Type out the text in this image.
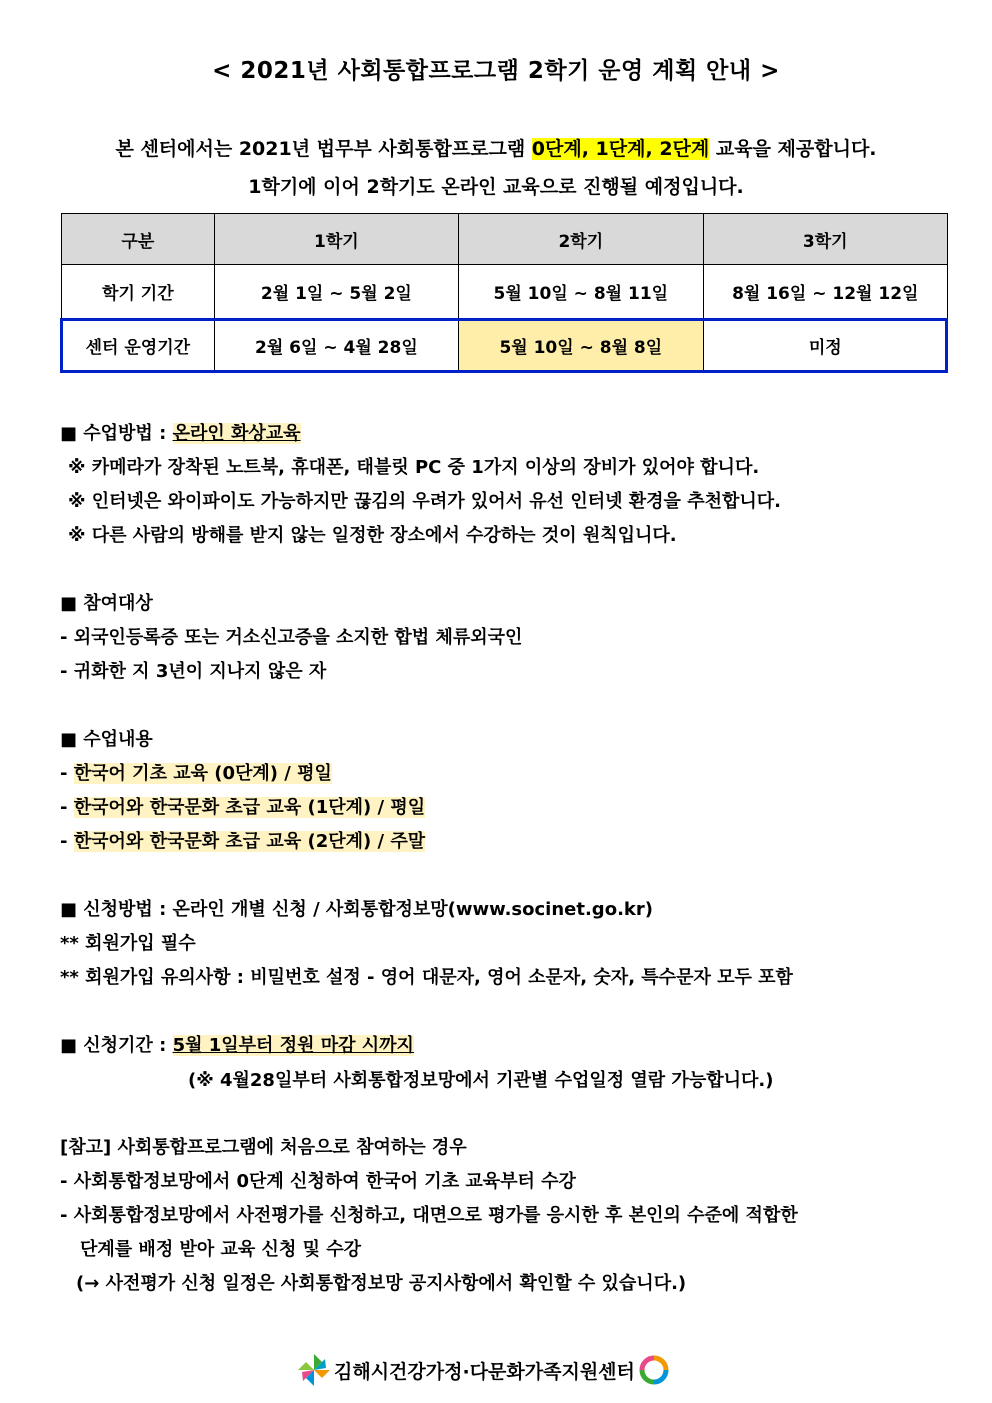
< 2021년 사회통합프로그램 2학기 운영 계획 안내 >
본 센터에서는 2021년 법무부 사회통합프로그램 0단계, 1단계, 2단계 교육을 제공합니다.
1학기에 이어 2학기도 온라인 교육으로 진행될 예정입니다.
구분	1학기	2학기	3학기
학기 기간	2월 1일 ~ 5월 2일	5월 10일 ~ 8월 11일	8월 16일 ~ 12월 12일
센터 운영기간	2월 6일 ~ 4월 28일	5월 10일 ~ 8월 8일	미정
■ 수업방법 : 온라인 화상교육
※ 카메라가 장착된 노트북, 휴대폰, 태블릿 PC 중 1가지 이상의 장비가 있어야 합니다.
※ 인터넷은 와이파이도 가능하지만 끊김의 우려가 있어서 유선 인터넷 환경을 추천합니다.
※ 다른 사람의 방해를 받지 않는 일정한 장소에서 수강하는 것이 원칙입니다.
■ 참여대상
- 외국인등록증 또는 거소신고증을 소지한 합법 체류외국인
- 귀화한 지 3년이 지나지 않은 자
■ 수업내용
- 한국어 기초 교육 (0단계) / 평일
- 한국어와 한국문화 초급 교육 (1단계) / 평일
- 한국어와 한국문화 초급 교육 (2단계) / 주말
■ 신청방법 : 온라인 개별 신청 / 사회통합정보망(www.socinet.go.kr)
** 회원가입 필수
** 회원가입 유의사항 : 비밀번호 설정 - 영어 대문자, 영어 소문자, 숫자, 특수문자 모두 포함
■ 신청기간 : 5월 1일부터 정원 마감 시까지
(※ 4월28일부터 사회통합정보망에서 기관별 수업일정 열람 가능합니다.)
[참고] 사회통합프로그램에 처음으로 참여하는 경우
- 사회통합정보망에서 0단계 신청하여 한국어 기초 교육부터 수강
- 사회통합정보망에서 사전평가를 신청하고, 대면으로 평가를 응시한 후 본인의 수준에 적합한
단계를 배정 받아 교육 신청 및 수강
(→ 사전평가 신청 일정은 사회통합정보망 공지사항에서 확인할 수 있습니다.)
김해시건강가정·다문화가족지원센터
